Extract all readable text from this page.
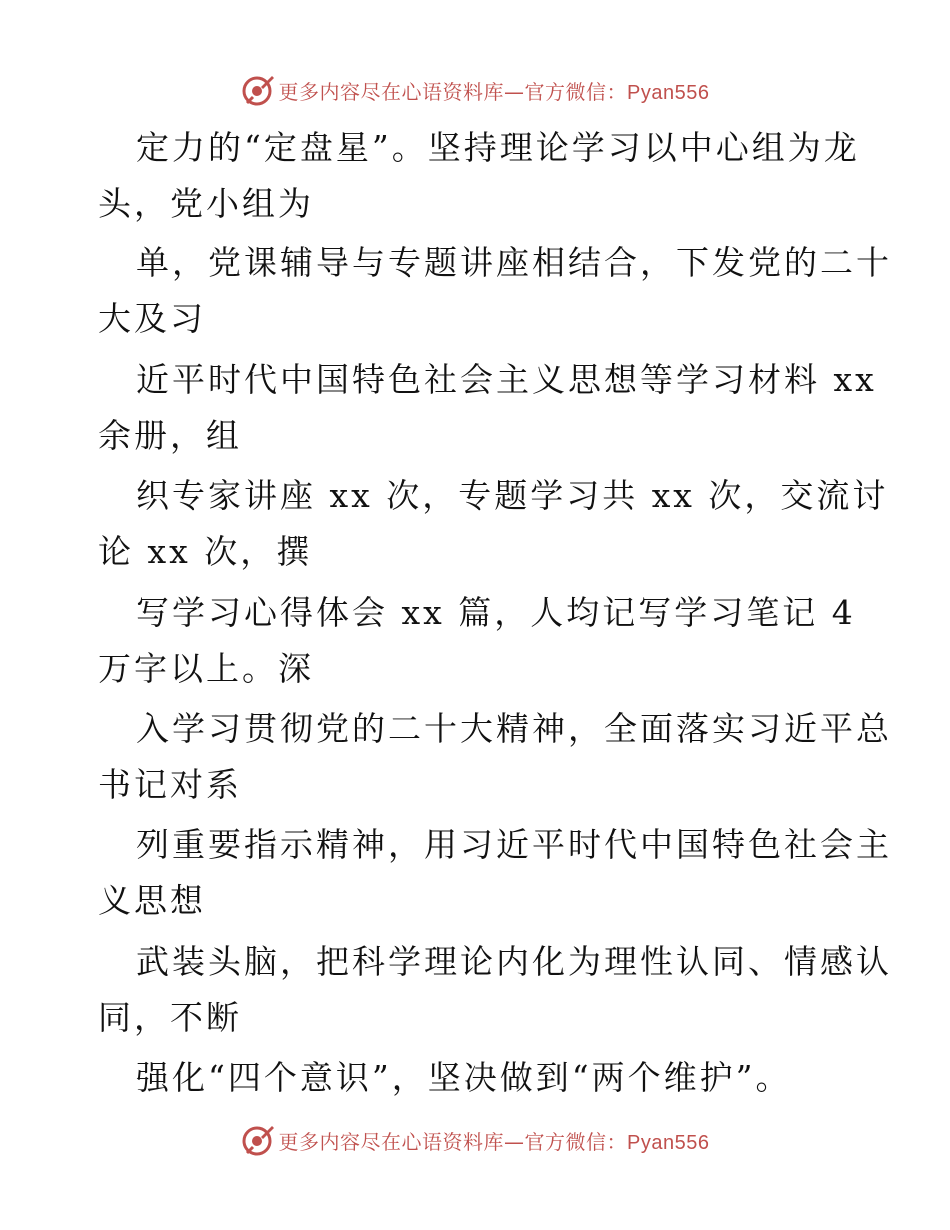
更多内容尽在心语资料库—官方微信：Pyan556
定力的“定盘星”。坚持理论学习以中心组为龙
头，党小组为
单，党课辅导与专题讲座相结合，下发党的二十
大及习
近平时代中国特色社会主义思想等学习材料 xx
余册，组
织专家讲座 xx 次，专题学习共 xx 次，交流讨
论 xx 次，撰
写学习心得体会 xx 篇，人均记写学习笔记 4
万字以上。深
入学习贯彻党的二十大精神，全面落实习近平总
书记对系
列重要指示精神，用习近平时代中国特色社会主
义思想
武装头脑，把科学理论内化为理性认同、情感认
同，不断
强化“四个意识”，坚决做到“两个维护”。
更多内容尽在心语资料库—官方微信：Pyan556
